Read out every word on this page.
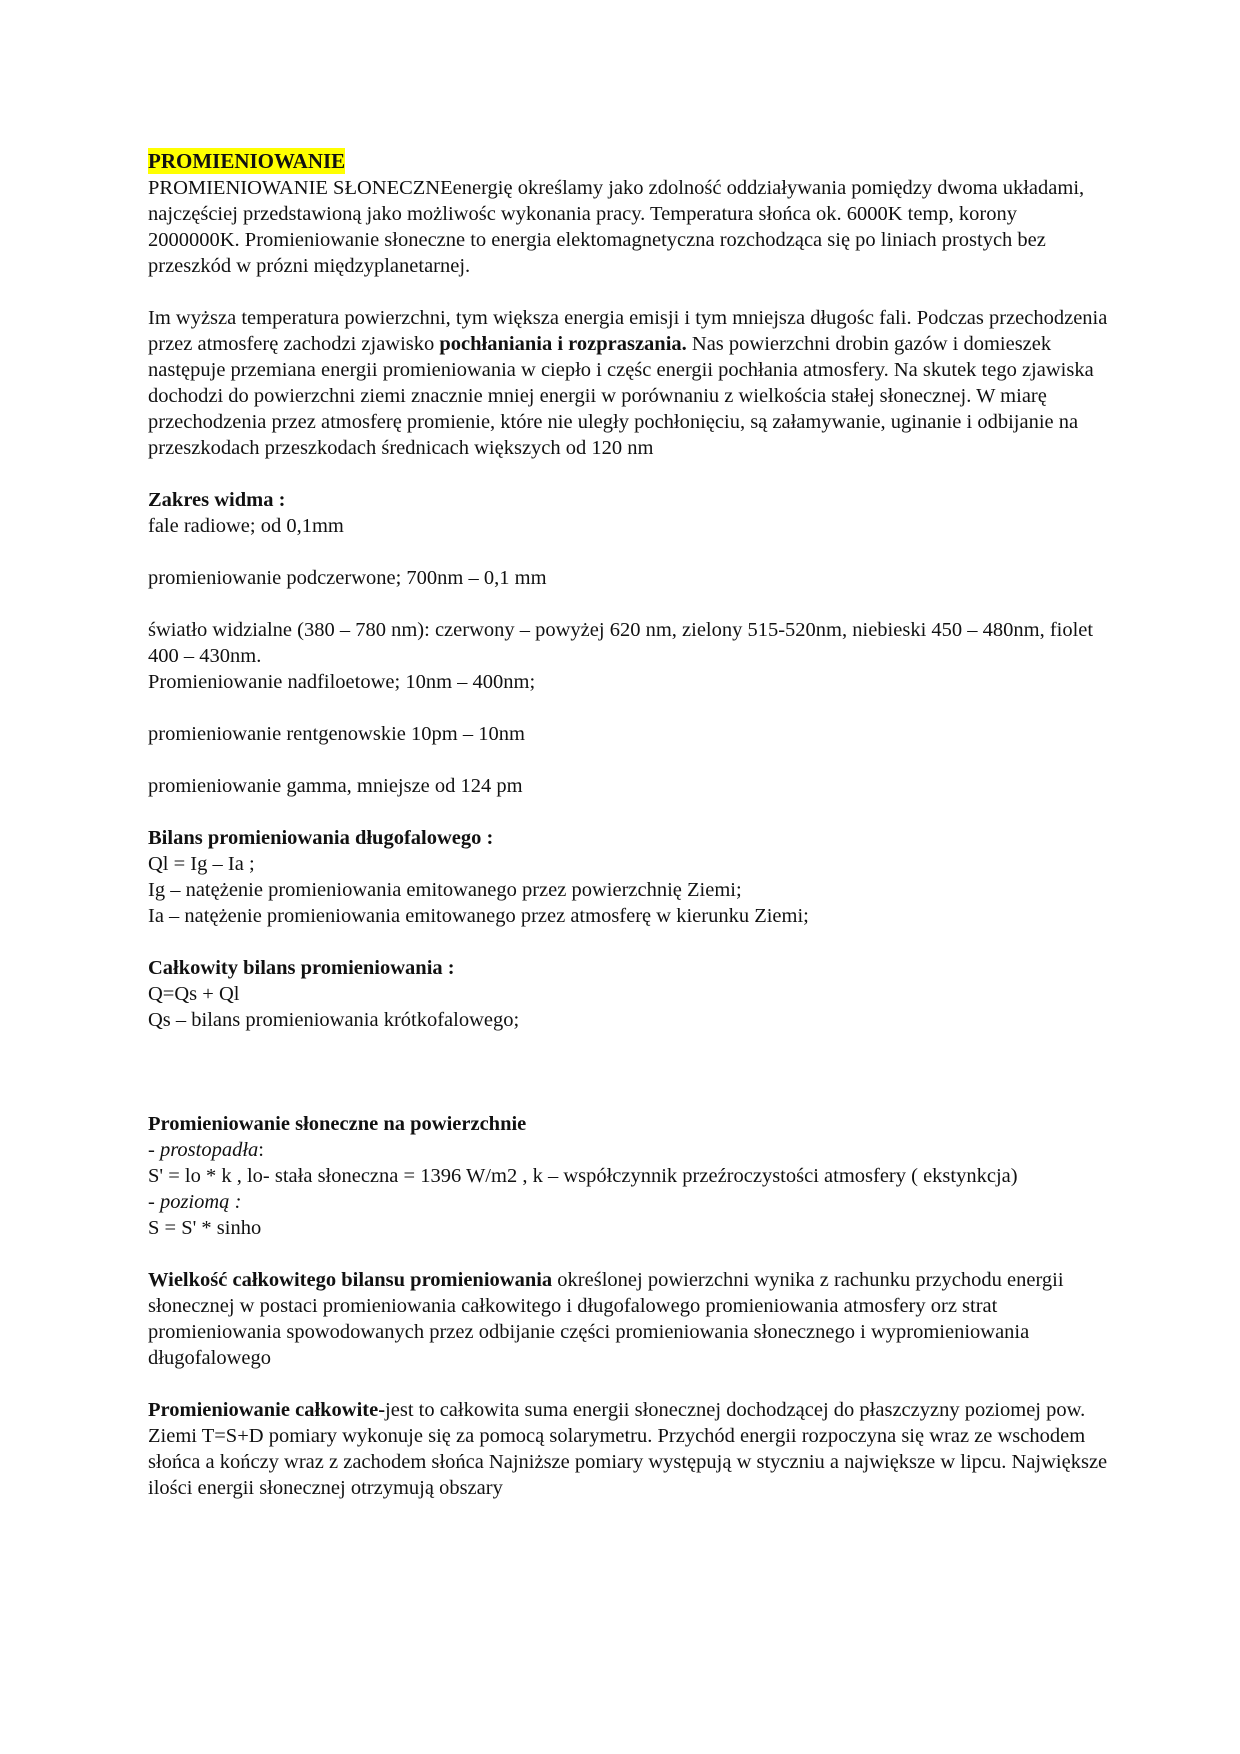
PROMIENIOWANIE

PROMIENIOWANIE SŁONECZNEenergię określamy jako zdolność oddziaływania pomiędzy dwoma układami, najczęściej przedstawioną jako możliwośc wykonania pracy. Temperatura słońca ok. 6000K temp, korony 2000000K. Promieniowanie słoneczne to energia elektomagnetyczna rozchodząca się po liniach prostych bez przeszkód w prózni międzyplanetarnej.

Im wyższa temperatura powierzchni, tym większa energia emisji i tym mniejsza długośc fali. Podczas przechodzenia przez atmosferę zachodzi zjawisko pochłaniania i rozpraszania. Nas powierzchni drobin gazów i domieszek następuje przemiana energii promieniowania w ciepło i częśc energii pochłania atmosfery. Na skutek tego zjawiska dochodzi do powierzchni ziemi znacznie mniej energii w porównaniu z wielkościa stałej słonecznej. W miarę przechodzenia przez atmosferę promienie, które nie uległy pochłonięciu, są załamywanie, uginanie i odbijanie na przeszkodach przeszkodach średnicach większych od 120 nm

Zakres widma :

fale radiowe; od 0,1mm

promieniowanie podczerwone; 700nm – 0,1 mm

światło widzialne (380 – 780 nm): czerwony – powyżej 620 nm, zielony 515-520nm, niebieski 450 – 480nm, fiolet 400 – 430nm.

Promieniowanie nadfiloetowe; 10nm – 400nm;

promieniowanie rentgenowskie 10pm – 10nm

promieniowanie gamma, mniejsze od 124 pm

Bilans promieniowania długofalowego :

Ql = Ig – Ia ;

Ig – natężenie promieniowania emitowanego przez powierzchnię Ziemi;

Ia – natężenie promieniowania emitowanego przez atmosferę w kierunku Ziemi;

Całkowity bilans promieniowania :

Q=Qs + Ql

Qs – bilans promieniowania krótkofalowego;

Promieniowanie słoneczne na powierzchnie

- prostopadła:

S' = lo * k , lo- stała słoneczna = 1396 W/m2 , k – współczynnik przeźroczystości atmosfery ( ekstynkcja)

- poziomą :

S = S' * sinho

Wielkość całkowitego bilansu promieniowania określonej powierzchni wynika z rachunku przychodu energii słonecznej w postaci promieniowania całkowitego i długofalowego promieniowania atmosfery orz strat promieniowania spowodowanych przez odbijanie części promieniowania słonecznego i wypromieniowania długofalowego

Promieniowanie całkowite-jest to całkowita suma energii słonecznej dochodzącej do płaszczyzny poziomej pow. Ziemi T=S+D pomiary wykonuje się za pomocą solarymetru. Przychód energii rozpoczyna się wraz ze wschodem słońca a kończy wraz z zachodem słońca Najniższe pomiary występują w styczniu a największe w lipcu. Największe ilości energii słonecznej otrzymują obszary
